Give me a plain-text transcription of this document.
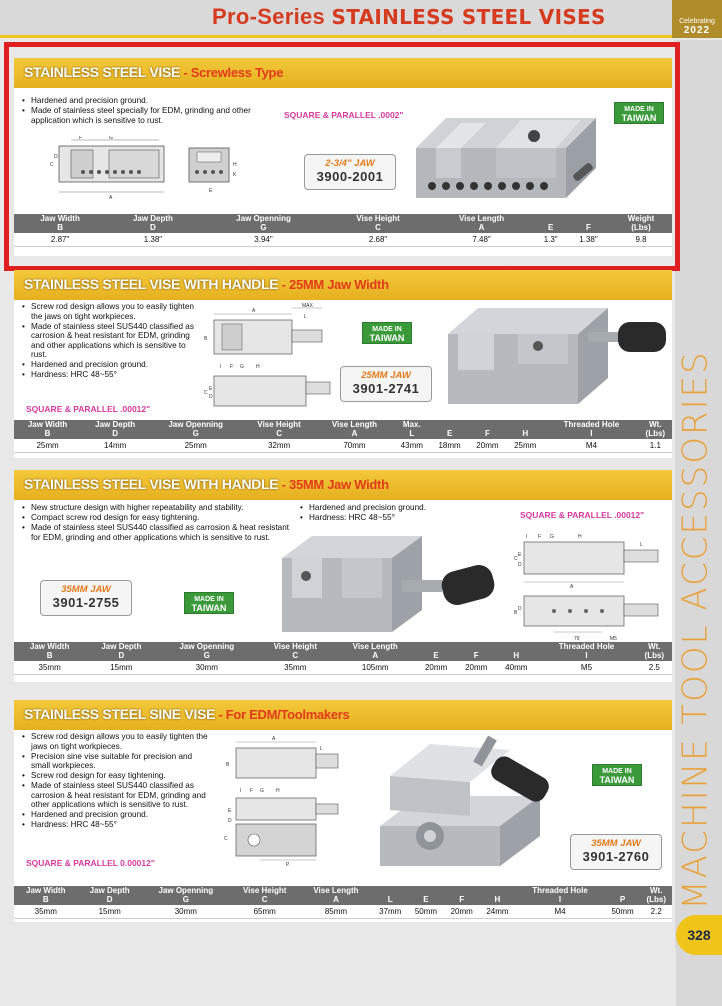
Pro-Series STAINLESS STEEL VISES	Celebrating
2022
MACHINE TOOL ACCESSORIES
328
STAINLESS STEEL VISE - Screwless Type
• Hardened and precision ground.
• Made of stainless steel specially for EDM, grinding and other application which is sensitive to rust.	SQUARE & PARALLEL .0002"
MADE IN
TAIWAN
2-3/4" JAW
3900-2001
F	G
A
C
D
K
H
E
Jaw Width
B	Jaw Depth
D	Jaw Openning
G	Vise Height
C	Vise Length
A	E	F	Weight
(Lbs)
2.87"	1.38"	3.94"	2.68"	7.48"	1.3"	1.38"	9.8
STAINLESS STEEL VISE WITH HANDLE - 25MM Jaw Width
• Screw rod design allows you to easily tighten the jaws on tight workpieces.
• Made of stainless steel SUS440 classified as carrosion & heat resistant for EDM, grinding and other applications which is sensitive to rust.
• Hardened and precision ground.
• Hardness: HRC 48~55°
SQUARE & PARALLEL .00012"
A
L
MAX
B
I F G H
C
E
D
MADE IN
TAIWAN
25MM JAW
3901-2741
Jaw Width
B	Jaw Depth
D	Jaw Openning
G	Vise Height
C	Vise Length
A	Max.
L	E	F	H	Threaded Hole
I	Wt.
(Lbs)
25mm	14mm	25mm	32mm	70mm	43mm	18mm	20mm	25mm	M4	1.1
STAINLESS STEEL VISE WITH HANDLE - 35MM Jaw Width
• New structure design with higher repeatability and stability.
• Compact screw rod design for easy tightening.
• Made of stainless steel SUS440 classified as carrosion & heat resistant for EDM, grinding and other applications which is sensitive to rust.
• Hardened and precision ground.
• Hardness: HRC 48~55°	SQUARE & PARALLEL .00012"
35MM JAW
3901-2755	MADE IN
TAIWAN
I F G	H
L
C
E
D
A
B
D
79	M5
Jaw Width
B	Jaw Depth
D	Jaw Openning
G	Vise Height
C	Vise Length
A	E	F	H	Threaded Hole
I	Wt.
(Lbs)
35mm	15mm	30mm	35mm	105mm	20mm	20mm	40mm	M5	2.5
STAINLESS STEEL SINE VISE - For EDM/Toolmakers
• Screw rod design allows you to easily tighten the jaws on tight workpieces.
• Precision sine vise suitable for precision and small workpieces.
• Screw rod design for easy tightening.
• Made of stainless steel SUS440 classified as carrosion & heat resistant for EDM, grinding and other applications which is sensitive to rust.
• Hardened and precision ground.
• Hardness: HRC 48~55°
SQUARE & PARALLEL 0.00012"
A
L
B
I F G H
E
D
C
P
MADE IN
TAIWAN
35MM JAW
3901-2760
Jaw Width
B	Jaw Depth
D	Jaw Openning
G	Vise Height
C	Vise Length
A	L	E	F	H	Threaded Hole
I	P	Wt.
(Lbs)
35mm	15mm	30mm	65mm	85mm	37mm	50mm	20mm	24mm	M4	50mm	2.2
